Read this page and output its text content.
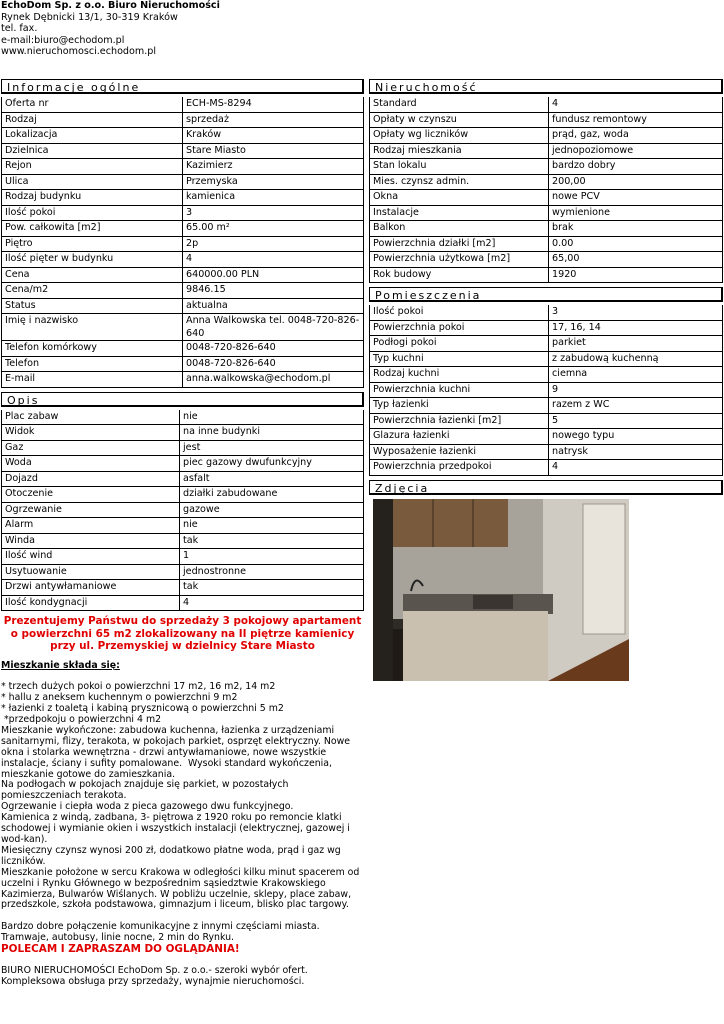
EchoDom Sp. z o.o. Biuro Nieruchomości
Rynek Dębnicki 13/1, 30-319 Kraków
tel. fax.
e-mail:biuro@echodom.pl
www.nieruchomosci.echodom.pl
Informacje ogólne
Oferta nr	ECH-MS-8294
Rodzaj	sprzedaż
Lokalizacja	Kraków
Dzielnica	Stare Miasto
Rejon	Kazimierz
Ulica	Przemyska
Rodzaj budynku	kamienica
Ilość pokoi	3
Pow. całkowita [m2]	65.00 m²
Piętro	2p
Ilość pięter w budynku	4
Cena	640000.00 PLN
Cena/m2	9846.15
Status	aktualna
Imię i nazwisko	Anna Walkowska tel. 0048-720-826-640
Telefon komórkowy	0048-720-826-640
Telefon	0048-720-826-640
E-mail	anna.walkowska@echodom.pl
Opis
Plac zabaw	nie
Widok	na inne budynki
Gaz	jest
Woda	piec gazowy dwufunkcyjny
Dojazd	asfalt
Otoczenie	działki zabudowane
Ogrzewanie	gazowe
Alarm	nie
Winda	tak
Ilość wind	1
Usytuowanie	jednostronne
Drzwi antywłamaniowe	tak
Ilość kondygnacji	4
Prezentujemy Państwu do sprzedaży 3 pokojowy apartament o powierzchni 65 m2 zlokalizowany na II piętrze kamienicy przy ul. Przemyskiej w dzielnicy Stare Miasto
Mieszkanie składa się:

* trzech dużych pokoi o powierzchni 17 m2, 16 m2, 14 m2
* hallu z aneksem kuchennym o powierzchni 9 m2
* łazienki z toaletą i kabiną prysznicową o powierzchni 5 m2
*przedpokoju o powierzchni 4 m2
Mieszkanie wykończone: zabudowa kuchenna, łazienka z urządzeniami sanitarnymi, flizy, terakota, w pokojach parkiet, osprzęt elektryczny. Nowe okna i stolarka wewnętrzna - drzwi antywłamaniowe, nowe wszystkie instalacje, ściany i sufity pomalowane.  Wysoki standard wykończenia, mieszkanie gotowe do zamieszkania.
Na podłogach w pokojach znajduje się parkiet, w pozostałych pomieszczeniach terakota.
Ogrzewanie i ciepła woda z pieca gazowego dwu funkcyjnego.
Kamienica z windą, zadbana, 3- piętrowa z 1920 roku po remoncie klatki schodowej i wymianie okien i wszystkich instalacji (elektrycznej, gazowej i wod-kan).
Miesięczny czynsz wynosi 200 zł, dodatkowo płatne woda, prąd i gaz wg liczników.
Mieszkanie położone w sercu Krakowa w odległości kilku minut spacerem od uczelni i Rynku Głównego w bezpośrednim sąsiedztwie Krakowskiego Kazimierza, Bulwarów Wiślanych. W pobliżu uczelnie, sklepy, place zabaw, przedszkole, szkoła podstawowa, gimnazjum i liceum, blisko plac targowy.

Bardzo dobre połączenie komunikacyjne z innymi częściami miasta. Tramwaje, autobusy, linie nocne, 2 min do Rynku.
POLECAM I ZAPRASZAM DO OGLĄDANIA!

BIURO NIERUCHOMOŚCI EchoDom Sp. z o.o.- szeroki wybór ofert. Kompleksowa obsługa przy sprzedaży, wynajmie nieruchomości.
Nieruchomość
Standard	4
Opłaty w czynszu	fundusz remontowy
Opłaty wg liczników	prąd, gaz, woda
Rodzaj mieszkania	jednopoziomowe
Stan lokalu	bardzo dobry
Mies. czynsz admin.	200,00
Okna	nowe PCV
Instalacje	wymienione
Balkon	brak
Powierzchnia działki [m2]	0.00
Powierzchnia użytkowa [m2]	65,00
Rok budowy	1920
Pomieszczenia
Ilość pokoi	3
Powierzchnia pokoi	17, 16, 14
Podłogi pokoi	parkiet
Typ kuchni	z zabudową kuchenną
Rodzaj kuchni	ciemna
Powierzchnia kuchni	9
Typ łazienki	razem z WC
Powierzchnia łazienki [m2]	5
Glazura łazienki	nowego typu
Wyposażenie łazienki	natrysk
Powierzchnia przedpokoi	4
Zdjęcia
